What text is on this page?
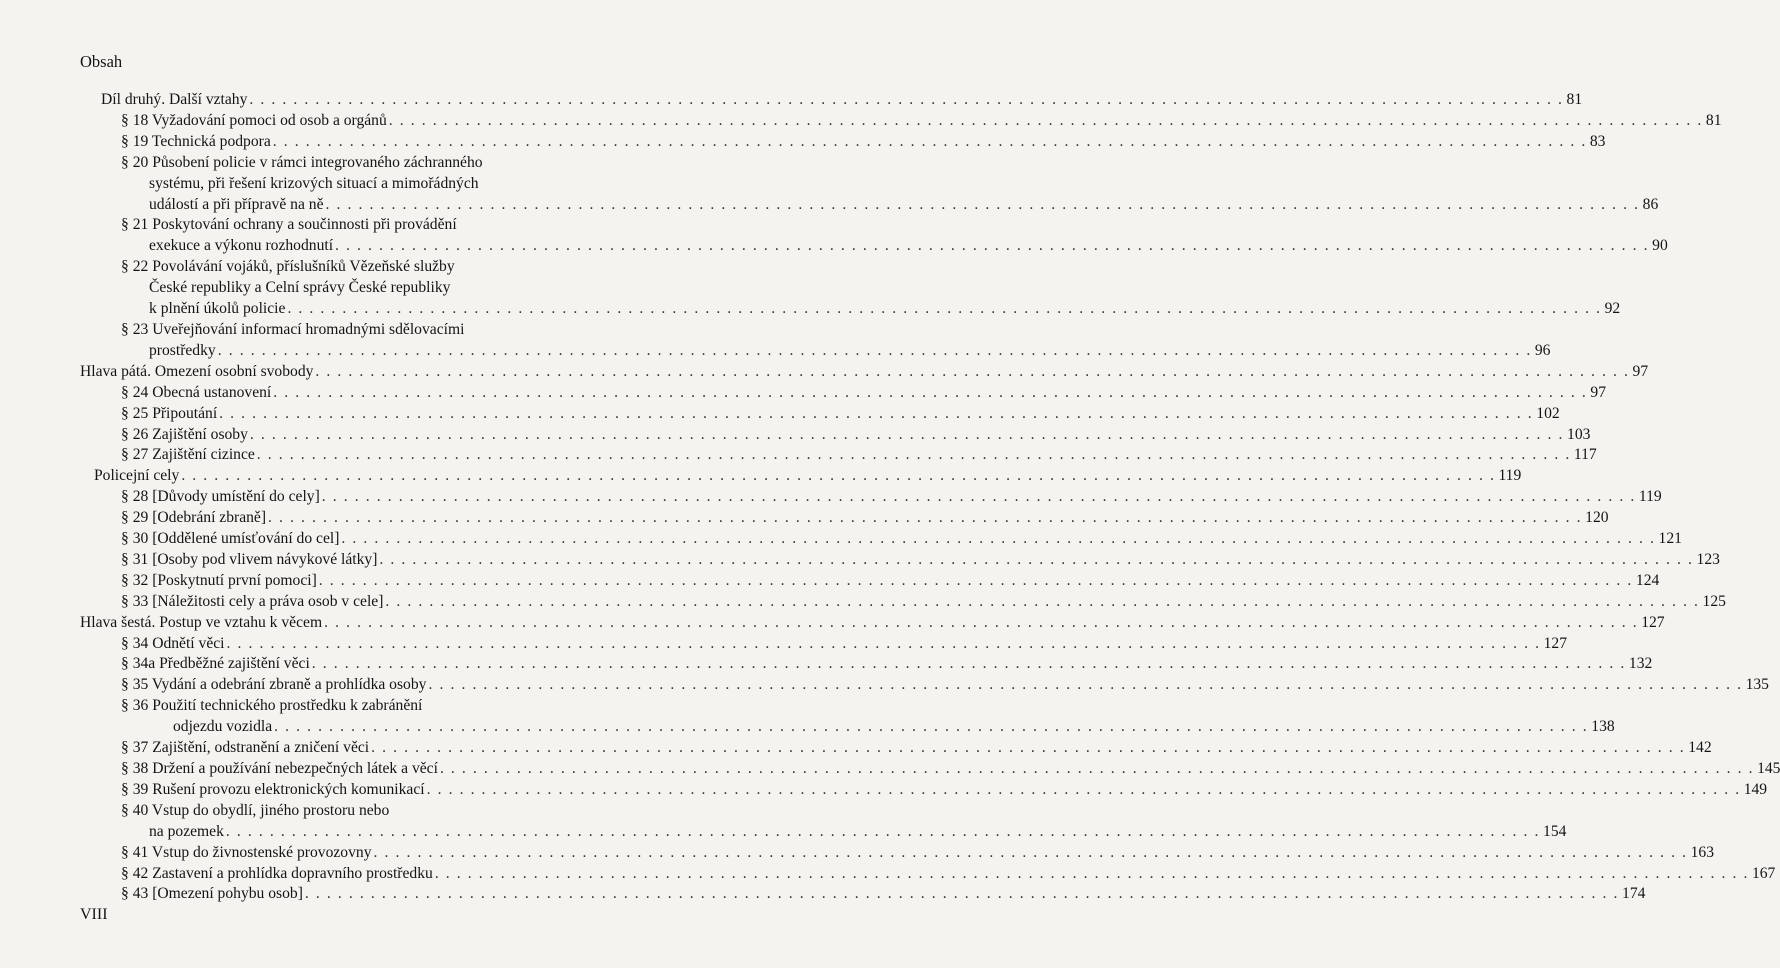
Obsah
Díl druhý. Další vztahy . . . . . . . . . . . . . . . . . . . . . . . . . . . . . . . . . . . . . . . . . . . . . . . . . . . . . . . . . . . . . . . . . . . . . . . . . . . . . . . . . . . . . . . . . . . . . . . . . . . . . . . . . . . . . . . . . . . . . . . . 81
§ 18 Vyžadování pomoci od osob a orgánů . . . . . . . . . . . . . . . . . . . . . . . . . . . . . . . . . . . . . . . . . . . . . . . . . . . . . . . . . . . . . . . . . . . . . . . . . . . . . . . . . . . . . . . . . . . . . . . . . . . . . . . . . . . . . . . . . . . . . . . . 81
§ 19 Technická podpora . . . . . . . . . . . . . . . . . . . . . . . . . . . . . . . . . . . . . . . . . . . . . . . . . . . . . . . . . . . . . . . . . . . . . . . . . . . . . . . . . . . . . . . . . . . . . . . . . . . . . . . . . . . . . . . . . . . . . . . . 83
§ 20 Působení policie v rámci integrovaného záchranného
systému, při řešení krizových situací a mimořádných
událostí a při přípravě na ně . . . . . . . . . . . . . . . . . . . . . . . . . . . . . . . . . . . . . . . . . . . . . . . . . . . . . . . . . . . . . . . . . . . . . . . . . . . . . . . . . . . . . . . . . . . . . . . . . . . . . . . . . . . . . . . . . . . . . . . . 86
§ 21 Poskytování ochrany a součinnosti při provádění
exekuce a výkonu rozhodnutí . . . . . . . . . . . . . . . . . . . . . . . . . . . . . . . . . . . . . . . . . . . . . . . . . . . . . . . . . . . . . . . . . . . . . . . . . . . . . . . . . . . . . . . . . . . . . . . . . . . . . . . . . . . . . . . . . . . . . . . . 90
§ 22 Povolávání vojáků, příslušníků Vězeňské služby
České republiky a Celní správy České republiky
k plnění úkolů policie . . . . . . . . . . . . . . . . . . . . . . . . . . . . . . . . . . . . . . . . . . . . . . . . . . . . . . . . . . . . . . . . . . . . . . . . . . . . . . . . . . . . . . . . . . . . . . . . . . . . . . . . . . . . . . . . . . . . . . . . 92
§ 23 Uveřejňování informací hromadnými sdělovacími
prostředky . . . . . . . . . . . . . . . . . . . . . . . . . . . . . . . . . . . . . . . . . . . . . . . . . . . . . . . . . . . . . . . . . . . . . . . . . . . . . . . . . . . . . . . . . . . . . . . . . . . . . . . . . . . . . . . . . . . . . . . . 96
Hlava pátá. Omezení osobní svobody . . . . . . . . . . . . . . . . . . . . . . . . . . . . . . . . . . . . . . . . . . . . . . . . . . . . . . . . . . . . . . . . . . . . . . . . . . . . . . . . . . . . . . . . . . . . . . . . . . . . . . . . . . . . . . . . . . . . . . . . 97
§ 24 Obecná ustanovení . . . . . . . . . . . . . . . . . . . . . . . . . . . . . . . . . . . . . . . . . . . . . . . . . . . . . . . . . . . . . . . . . . . . . . . . . . . . . . . . . . . . . . . . . . . . . . . . . . . . . . . . . . . . . . . . . . . . . . . . 97
§ 25 Připoutání . . . . . . . . . . . . . . . . . . . . . . . . . . . . . . . . . . . . . . . . . . . . . . . . . . . . . . . . . . . . . . . . . . . . . . . . . . . . . . . . . . . . . . . . . . . . . . . . . . . . . . . . . . . . . . . . . . . . . . . . 102
§ 26 Zajištění osoby . . . . . . . . . . . . . . . . . . . . . . . . . . . . . . . . . . . . . . . . . . . . . . . . . . . . . . . . . . . . . . . . . . . . . . . . . . . . . . . . . . . . . . . . . . . . . . . . . . . . . . . . . . . . . . . . . . . . . . . . 103
§ 27 Zajištění cizince . . . . . . . . . . . . . . . . . . . . . . . . . . . . . . . . . . . . . . . . . . . . . . . . . . . . . . . . . . . . . . . . . . . . . . . . . . . . . . . . . . . . . . . . . . . . . . . . . . . . . . . . . . . . . . . . . . . . . . . . 117
Policejní cely . . . . . . . . . . . . . . . . . . . . . . . . . . . . . . . . . . . . . . . . . . . . . . . . . . . . . . . . . . . . . . . . . . . . . . . . . . . . . . . . . . . . . . . . . . . . . . . . . . . . . . . . . . . . . . . . . . . . . . . . 119
§ 28 [Důvody umístění do cely] . . . . . . . . . . . . . . . . . . . . . . . . . . . . . . . . . . . . . . . . . . . . . . . . . . . . . . . . . . . . . . . . . . . . . . . . . . . . . . . . . . . . . . . . . . . . . . . . . . . . . . . . . . . . . . . . . . . . . . . . 119
§ 29 [Odebrání zbraně] . . . . . . . . . . . . . . . . . . . . . . . . . . . . . . . . . . . . . . . . . . . . . . . . . . . . . . . . . . . . . . . . . . . . . . . . . . . . . . . . . . . . . . . . . . . . . . . . . . . . . . . . . . . . . . . . . . . . . . . . 120
§ 30 [Oddělené umísťování do cel] . . . . . . . . . . . . . . . . . . . . . . . . . . . . . . . . . . . . . . . . . . . . . . . . . . . . . . . . . . . . . . . . . . . . . . . . . . . . . . . . . . . . . . . . . . . . . . . . . . . . . . . . . . . . . . . . . . . . . . . . 121
§ 31 [Osoby pod vlivem návykové látky] . . . . . . . . . . . . . . . . . . . . . . . . . . . . . . . . . . . . . . . . . . . . . . . . . . . . . . . . . . . . . . . . . . . . . . . . . . . . . . . . . . . . . . . . . . . . . . . . . . . . . . . . . . . . . . . . . . . . . . . . 123
§ 32 [Poskytnutí první pomoci] . . . . . . . . . . . . . . . . . . . . . . . . . . . . . . . . . . . . . . . . . . . . . . . . . . . . . . . . . . . . . . . . . . . . . . . . . . . . . . . . . . . . . . . . . . . . . . . . . . . . . . . . . . . . . . . . . . . . . . . . 124
§ 33 [Náležitosti cely a práva osob v cele] . . . . . . . . . . . . . . . . . . . . . . . . . . . . . . . . . . . . . . . . . . . . . . . . . . . . . . . . . . . . . . . . . . . . . . . . . . . . . . . . . . . . . . . . . . . . . . . . . . . . . . . . . . . . . . . . . . . . . . . . 125
Hlava šestá. Postup ve vztahu k věcem . . . . . . . . . . . . . . . . . . . . . . . . . . . . . . . . . . . . . . . . . . . . . . . . . . . . . . . . . . . . . . . . . . . . . . . . . . . . . . . . . . . . . . . . . . . . . . . . . . . . . . . . . . . . . . . . . . . . . . . . 127
§ 34 Odnětí věci . . . . . . . . . . . . . . . . . . . . . . . . . . . . . . . . . . . . . . . . . . . . . . . . . . . . . . . . . . . . . . . . . . . . . . . . . . . . . . . . . . . . . . . . . . . . . . . . . . . . . . . . . . . . . . . . . . . . . . . . 127
§ 34a Předběžné zajištění věci . . . . . . . . . . . . . . . . . . . . . . . . . . . . . . . . . . . . . . . . . . . . . . . . . . . . . . . . . . . . . . . . . . . . . . . . . . . . . . . . . . . . . . . . . . . . . . . . . . . . . . . . . . . . . . . . . . . . . . . . 132
§ 35 Vydání a odebrání zbraně a prohlídka osoby . . . . . . . . . . . . . . . . . . . . . . . . . . . . . . . . . . . . . . . . . . . . . . . . . . . . . . . . . . . . . . . . . . . . . . . . . . . . . . . . . . . . . . . . . . . . . . . . . . . . . . . . . . . . . . . . . . . . . . . . 135
§ 36 Použití technického prostředku k zabránění
odjezdu vozidla . . . . . . . . . . . . . . . . . . . . . . . . . . . . . . . . . . . . . . . . . . . . . . . . . . . . . . . . . . . . . . . . . . . . . . . . . . . . . . . . . . . . . . . . . . . . . . . . . . . . . . . . . . . . . . . . . . . . . . . . 138
§ 37 Zajištění, odstranění a zničení věci . . . . . . . . . . . . . . . . . . . . . . . . . . . . . . . . . . . . . . . . . . . . . . . . . . . . . . . . . . . . . . . . . . . . . . . . . . . . . . . . . . . . . . . . . . . . . . . . . . . . . . . . . . . . . . . . . . . . . . . . 142
§ 38 Držení a používání nebezpečných látek a věcí . . . . . . . . . . . . . . . . . . . . . . . . . . . . . . . . . . . . . . . . . . . . . . . . . . . . . . . . . . . . . . . . . . . . . . . . . . . . . . . . . . . . . . . . . . . . . . . . . . . . . . . . . . . . . . . . . . . . . . . . 145
§ 39 Rušení provozu elektronických komunikací . . . . . . . . . . . . . . . . . . . . . . . . . . . . . . . . . . . . . . . . . . . . . . . . . . . . . . . . . . . . . . . . . . . . . . . . . . . . . . . . . . . . . . . . . . . . . . . . . . . . . . . . . . . . . . . . . . . . . . . . 149
§ 40 Vstup do obydlí, jiného prostoru nebo
na pozemek . . . . . . . . . . . . . . . . . . . . . . . . . . . . . . . . . . . . . . . . . . . . . . . . . . . . . . . . . . . . . . . . . . . . . . . . . . . . . . . . . . . . . . . . . . . . . . . . . . . . . . . . . . . . . . . . . . . . . . . . 154
§ 41 Vstup do živnostenské provozovny . . . . . . . . . . . . . . . . . . . . . . . . . . . . . . . . . . . . . . . . . . . . . . . . . . . . . . . . . . . . . . . . . . . . . . . . . . . . . . . . . . . . . . . . . . . . . . . . . . . . . . . . . . . . . . . . . . . . . . . . 163
§ 42 Zastavení a prohlídka dopravního prostředku . . . . . . . . . . . . . . . . . . . . . . . . . . . . . . . . . . . . . . . . . . . . . . . . . . . . . . . . . . . . . . . . . . . . . . . . . . . . . . . . . . . . . . . . . . . . . . . . . . . . . . . . . . . . . . . . . . . . . . . . 167
§ 43 [Omezení pohybu osob] . . . . . . . . . . . . . . . . . . . . . . . . . . . . . . . . . . . . . . . . . . . . . . . . . . . . . . . . . . . . . . . . . . . . . . . . . . . . . . . . . . . . . . . . . . . . . . . . . . . . . . . . . . . . . . . . . . . . . . . . 174
VIII
